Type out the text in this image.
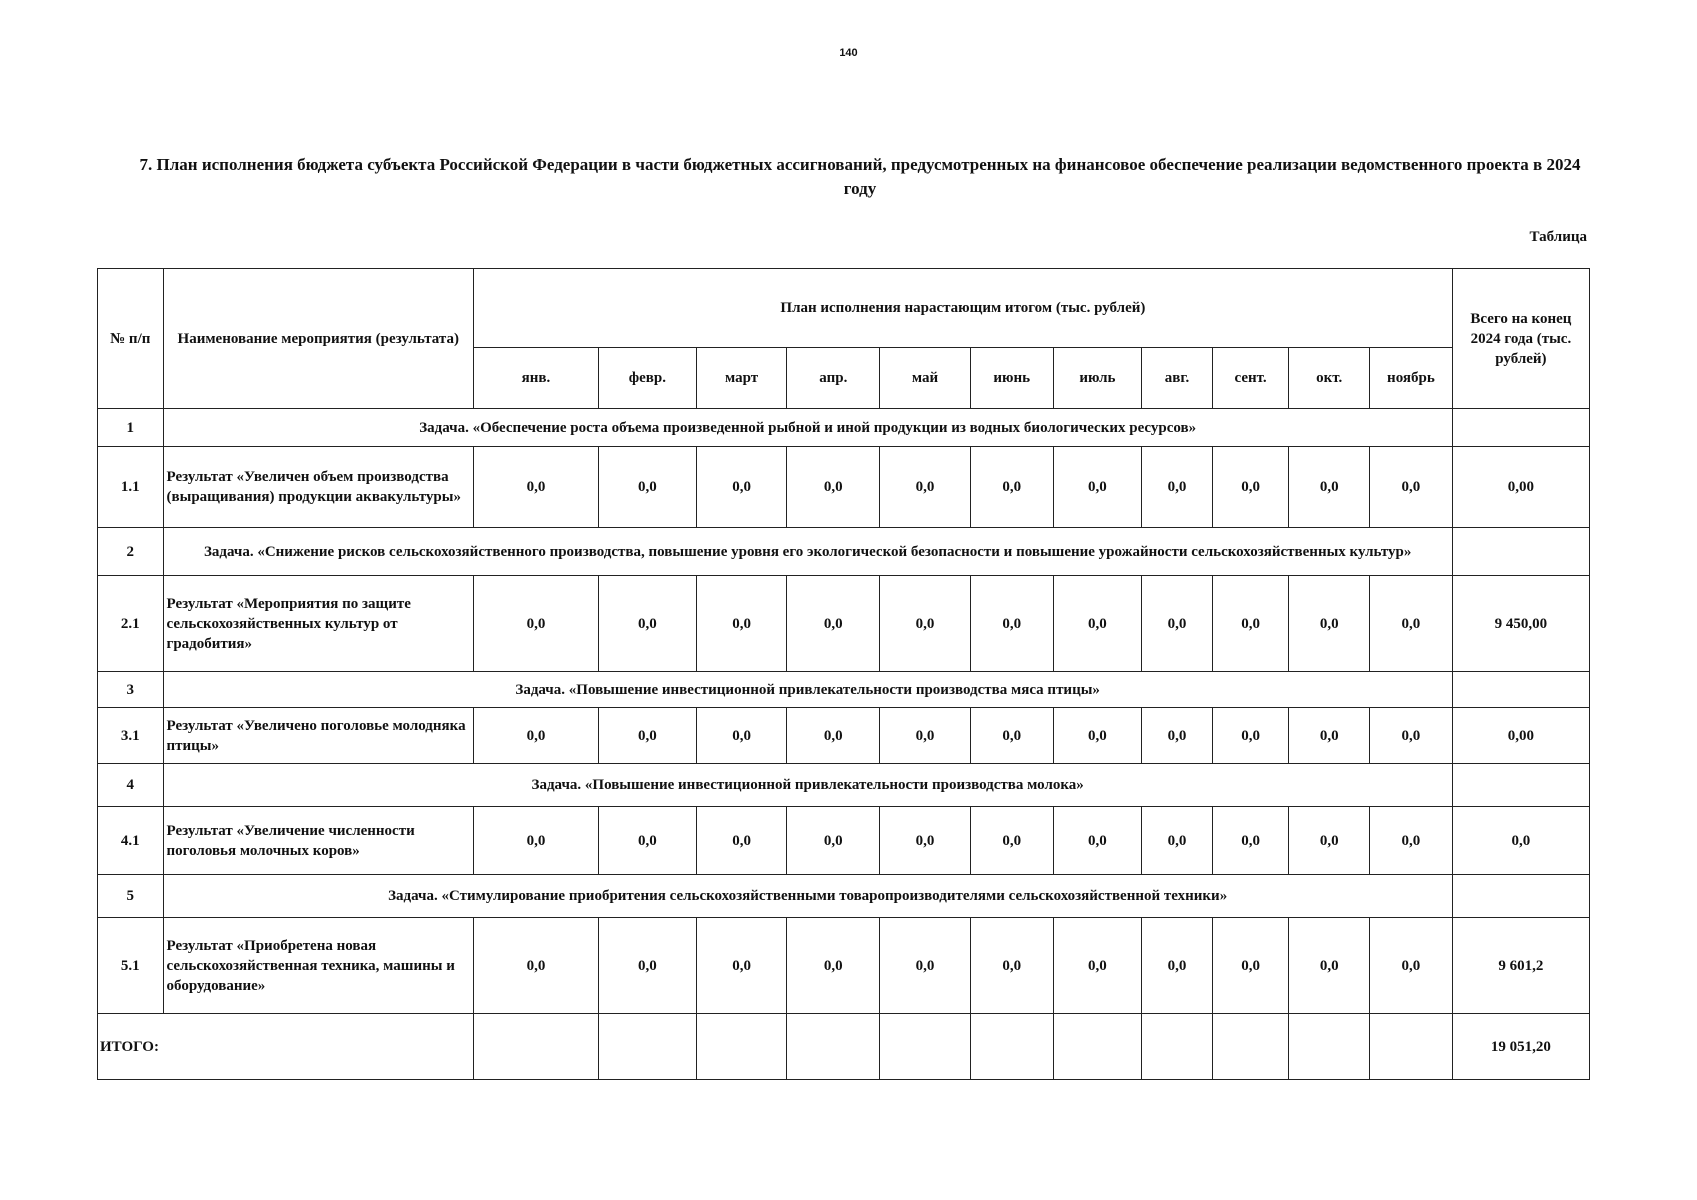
140
7. План исполнения бюджета субъекта Российской Федерации в части бюджетных ассигнований, предусмотренных на финансовое обеспечение реализации ведомственного проекта в 2024 году
Таблица
№ п/п	Наименование мероприятия (результата)	План исполнения нарастающим итогом (тыс. рублей)											Всего на конец 2024 года (тыс. рублей)
		янв.	февр.	март	апр.	май	июнь	июль	авг.	сент.	окт.	ноябрь	
1	Задача. «Обеспечение роста объема произведенной рыбной и иной продукции из водных биологических ресурсов»												
1.1	Результат «Увеличен объем производства (выращивания) продукции аквакультуры»	0,0	0,0	0,0	0,0	0,0	0,0	0,0	0,0	0,0	0,0	0,0	0,00
2	Задача. «Снижение рисков сельскохозяйственного производства, повышение уровня его экологической безопасности и повышение урожайности сельскохозяйственных культур»												
2.1	Результат «Мероприятия по защите сельскохозяйственных культур от градобития»	0,0	0,0	0,0	0,0	0,0	0,0	0,0	0,0	0,0	0,0	0,0	9 450,00
3	Задача. «Повышение инвестиционной привлекательности производства мяса птицы»												
3.1	Результат «Увеличено поголовье молодняка птицы»	0,0	0,0	0,0	0,0	0,0	0,0	0,0	0,0	0,0	0,0	0,0	0,00
4	Задача. «Повышение инвестиционной привлекательности производства молока»												
4.1	Результат «Увеличение численности поголовья молочных коров»	0,0	0,0	0,0	0,0	0,0	0,0	0,0	0,0	0,0	0,0	0,0	0,0
5	Задача. «Стимулирование приобритения сельскохозяйственными товаропроизводителями сельскохозяйственной техники»												
5.1	Результат «Приобретена новая сельскохозяйственная техника, машины и оборудование»	0,0	0,0	0,0	0,0	0,0	0,0	0,0	0,0	0,0	0,0	0,0	9 601,2
ИТОГО:													19 051,20
